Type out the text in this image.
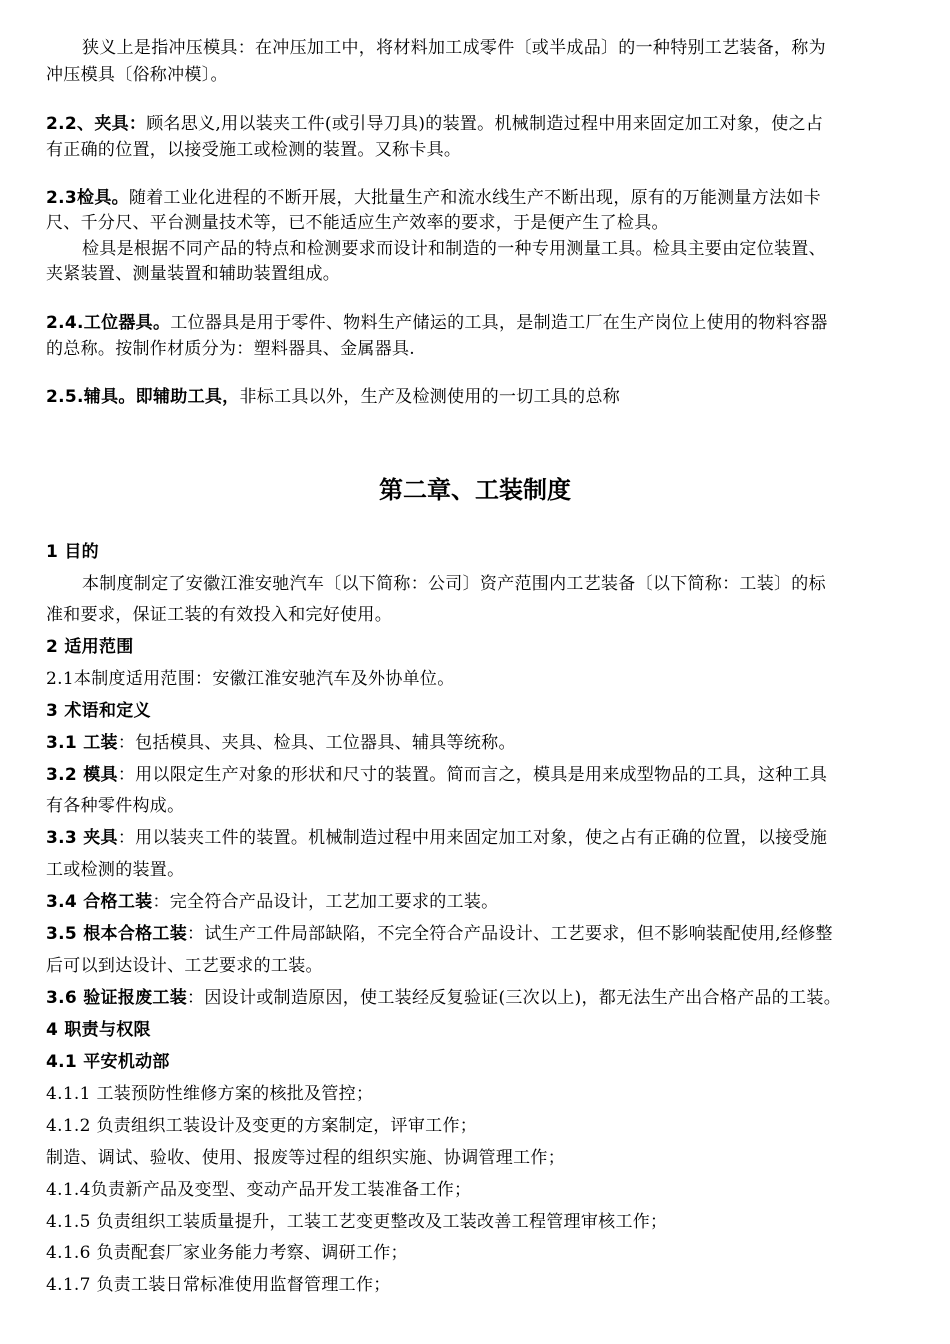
狭义上是指冲压模具：在冲压加工中，将材料加工成零件〔或半成品〕的一种特别工艺装备，称为
冲压模具〔俗称冲模〕。
2.2、夹具：顾名思义,用以装夹工件(或引导刀具)的装置。机械制造过程中用来固定加工对象，使之占
有正确的位置，以接受施工或检测的装置。又称卡具。
2.3检具。随着工业化进程的不断开展，大批量生产和流水线生产不断出现，原有的万能测量方法如卡
尺、千分尺、平台测量技术等，已不能适应生产效率的要求，于是便产生了检具。
检具是根据不同产品的特点和检测要求而设计和制造的一种专用测量工具。检具主要由定位装置、
夹紧装置、测量装置和辅助装置组成。
2.4.工位器具。工位器具是用于零件、物料生产储运的工具，是制造工厂在生产岗位上使用的物料容器
的总称。按制作材质分为：塑料器具、金属器具.
2.5.辅具。即辅助工具，非标工具以外，生产及检测使用的一切工具的总称
第二章、工装制度
1 目的
本制度制定了安徽江淮安驰汽车〔以下简称：公司〕资产范围内工艺装备〔以下简称：工装〕的标
准和要求，保证工装的有效投入和完好使用。
2 适用范围
2.1本制度适用范围：安徽江淮安驰汽车及外协单位。
3 术语和定义
3.1 工装：包括模具、夹具、检具、工位器具、辅具等统称。
3.2 模具：用以限定生产对象的形状和尺寸的装置。简而言之，模具是用来成型物品的工具，这种工具
有各种零件构成。
3.3 夹具：用以装夹工件的装置。机械制造过程中用来固定加工对象，使之占有正确的位置，以接受施
工或检测的装置。
3.4 合格工装：完全符合产品设计，工艺加工要求的工装。
3.5 根本合格工装：试生产工件局部缺陷，不完全符合产品设计、工艺要求，但不影响装配使用,经修整
后可以到达设计、工艺要求的工装。
3.6 验证报废工装：因设计或制造原因，使工装经反复验证(三次以上)，都无法生产出合格产品的工装。
4 职责与权限
4.1 平安机动部
4.1.1 工装预防性维修方案的核批及管控；
4.1.2 负责组织工装设计及变更的方案制定，评审工作；
制造、调试、验收、使用、报废等过程的组织实施、协调管理工作；
4.1.4负责新产品及变型、变动产品开发工装准备工作；
4.1.5 负责组织工装质量提升，工装工艺变更整改及工装改善工程管理审核工作；
4.1.6 负责配套厂家业务能力考察、调研工作；
4.1.7 负责工装日常标准使用监督管理工作；
